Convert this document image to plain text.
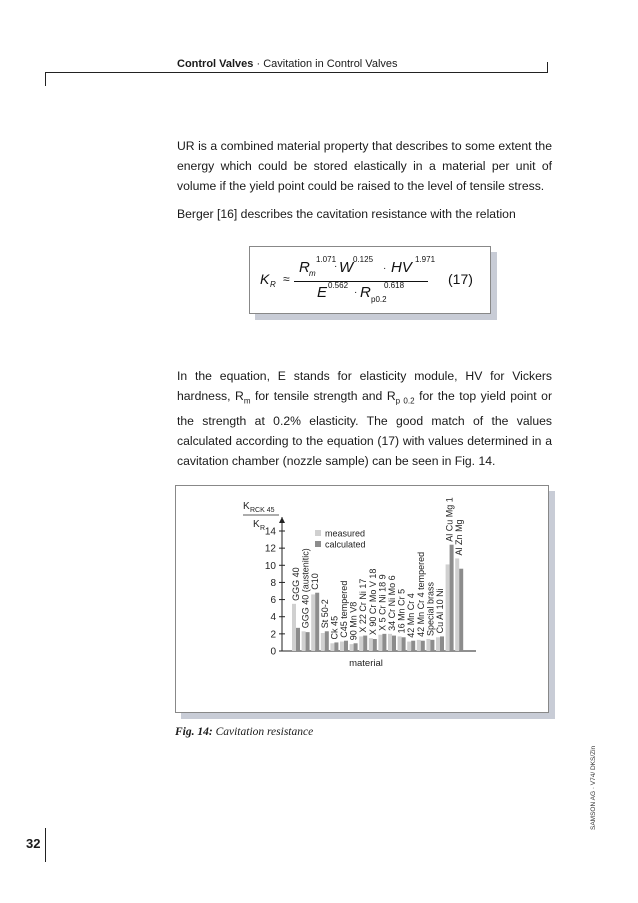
Control Valves · Cavitation in Control Valves
UR is a combined material property that describes to some extent the energy which could be stored elastically in a material per unit of volume if the yield point could be raised to the level of tensile stress.
Berger [16] describes the cavitation resistance with the relation
K R ≈
R m
1.071
· W 0.125
· HV 1.971
E 0.562
· R p0.2
0.618	(17)
In the equation, E stands for elasticity module, HV for Vickers hardness, $R_m$ for tensile strength and $R_{p 0.2}$ for the top yield point or the strength at 0.2% elasticity. The good match of the values calculated according to the equation (17) with values determined in a cavitation chamber (nozzle sample) can be seen in Fig. 14.
0
2
4
6
8
10
12
14
K RCK 45
K R	measured
calculated
GGG 40 GGG 40 (austenitic) C10
St 50-2 Ck 45 C45 tempered 90 Mn V8 X 22 Cr Ni 17 X 90 Cr Mo V 18 X 5 Cr Ni 18 9 34 Cr Ni Mo 6 16 Mn Cr 5 42 Mn Cr 4 42 Mn Cr 4 tempered Special brass Cu Al 10 Ni
Al Cu Mg 1 Al Zn Mg
material
Fig. 14: Cavitation resistance
SAMSON AG · V74/ DKS/Zin
32
